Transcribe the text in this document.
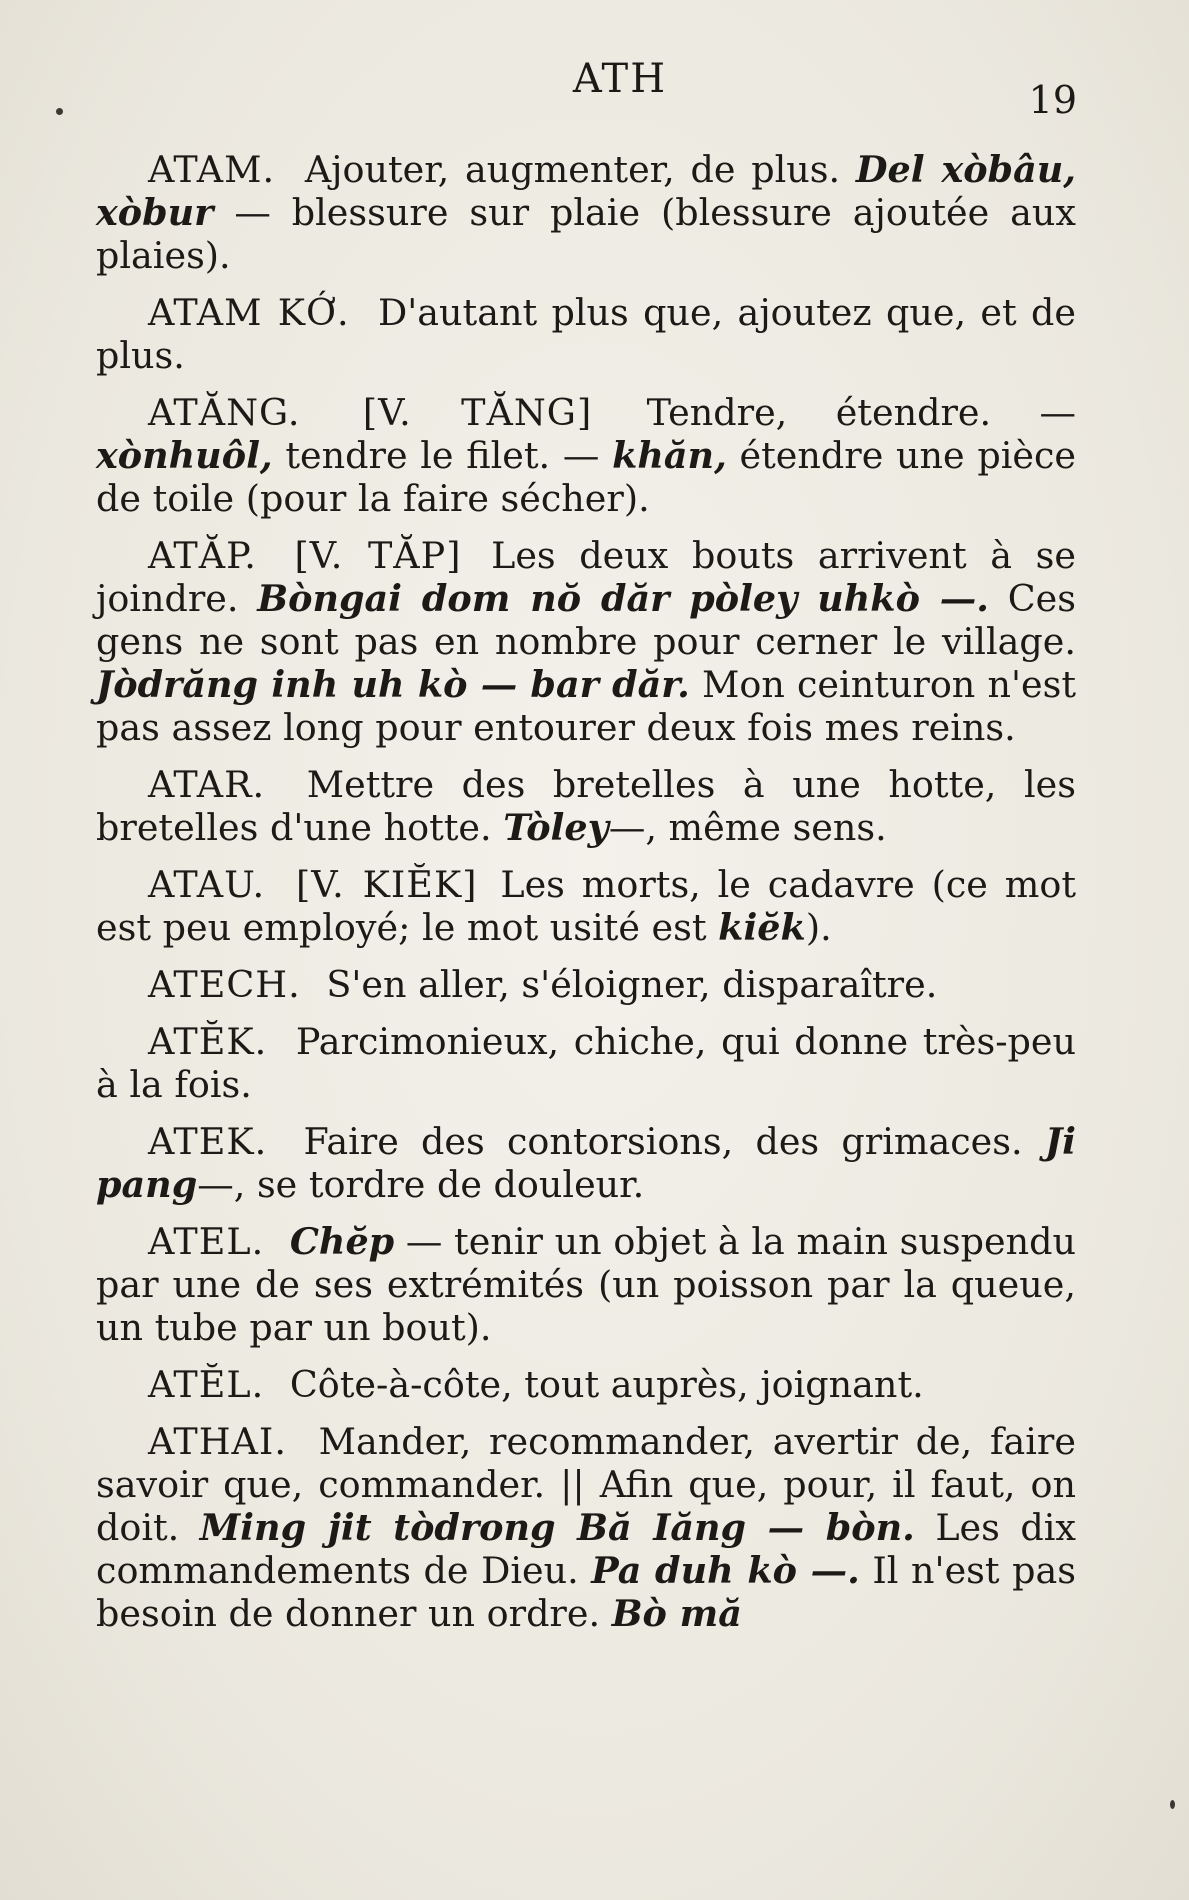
ATH	19

ATAM. Ajouter, augmenter, de plus. Del xòbâu, xòbur — blessure sur plaie (blessure ajoutée aux plaies).

ATAM KỚ. D'autant plus que, ajoutez que, et de plus.

ATĂNG. [V. TĂNG] Tendre, étendre. — xònhuôl, tendre le filet. — khăn, étendre une pièce de toile (pour la faire sécher).

ATĂP. [V. TĂP] Les deux bouts arrivent à se joindre. Bòngai dom nŏ dăr pòley uhkò —. Ces gens ne sont pas en nombre pour cerner le village. Jòdrăng inh uh kò — bar dăr. Mon ceinturon n'est pas assez long pour entourer deux fois mes reins.

ATAR. Mettre des bretelles à une hotte, les bretelles d'une hotte. Tòley—, même sens.

ATAU. [V. KIĔK] Les morts, le cadavre (ce mot est peu employé; le mot usité est kiĕk).

ATECH. S'en aller, s'éloigner, disparaître.

ATĔK. Parcimonieux, chiche, qui donne très-peu à la fois.

ATEK. Faire des contorsions, des grimaces. Ji pang—, se tordre de douleur.

ATEL. Chĕp — tenir un objet à la main suspendu par une de ses extrémités (un poisson par la queue, un tube par un bout).

ATĔL. Côte-à-côte, tout auprès, joignant.

ATHAI. Mander, recommander, avertir de, faire savoir que, commander. || Afin que, pour, il faut, on doit. Ming jit tòdrong Bă Iăng — bòn. Les dix commandements de Dieu. Pa duh kò —. Il n'est pas besoin de donner un ordre. Bò mă
